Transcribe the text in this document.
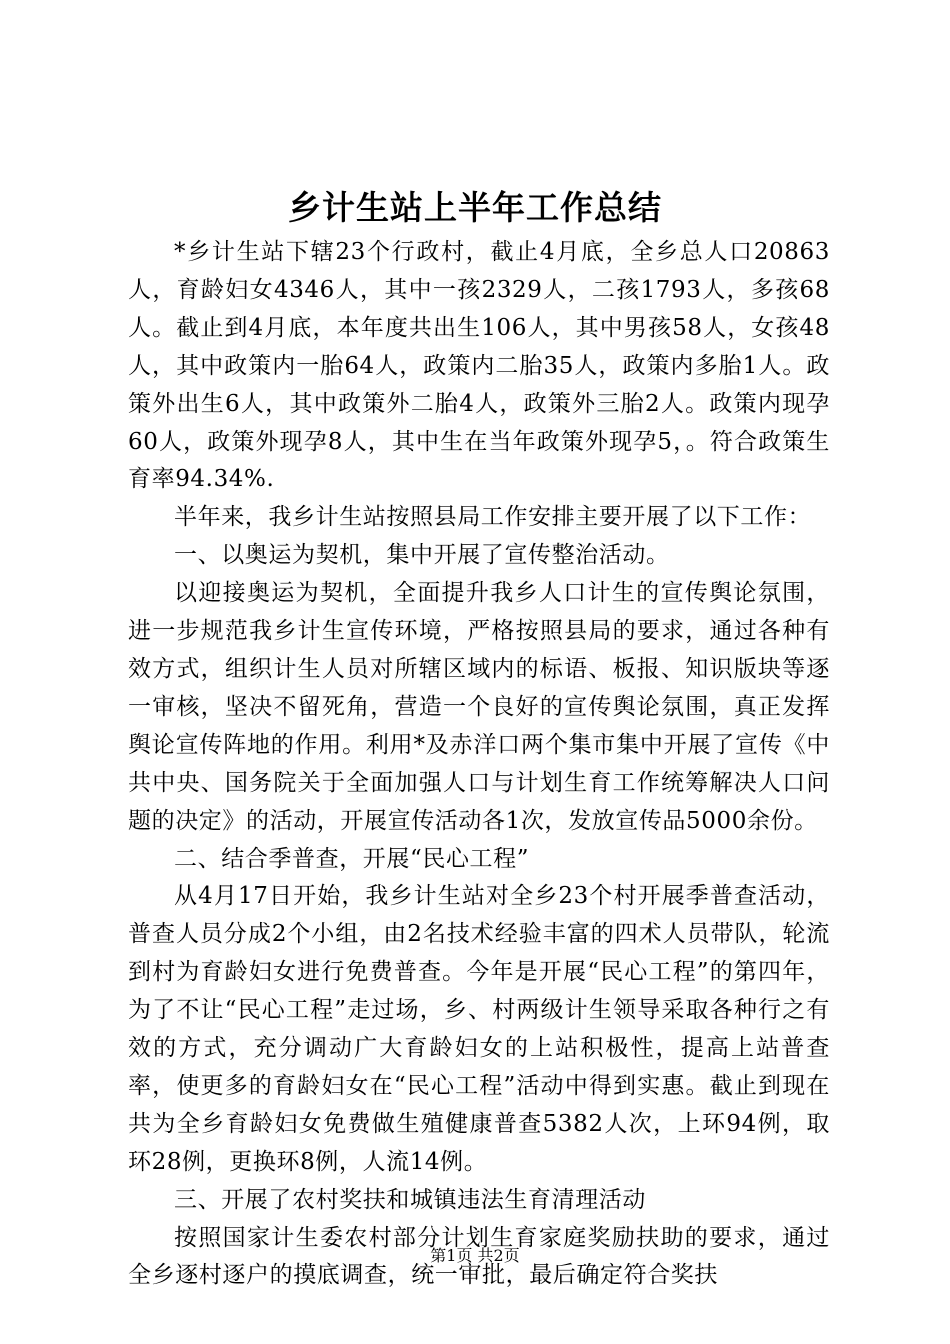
乡计生站上半年工作总结

*乡计生站下辖23个行政村，截止4月底，全乡总人口20863人，育龄妇女4346人，其中一孩2329人，二孩1793人，多孩68人。截止到4月底，本年度共出生106人，其中男孩58人，女孩48人，其中政策内一胎64人，政策内二胎35人，政策内多胎1人。政策外出生6人，其中政策外二胎4人，政策外三胎2人。政策内现孕60人，政策外现孕8人，其中生在当年政策外现孕5，。符合政策生育率94.34%.

半年来，我乡计生站按照县局工作安排主要开展了以下工作：

一、以奥运为契机，集中开展了宣传整治活动。

以迎接奥运为契机，全面提升我乡人口计生的宣传舆论氛围，进一步规范我乡计生宣传环境，严格按照县局的要求，通过各种有效方式，组织计生人员对所辖区域内的标语、板报、知识版块等逐一审核，坚决不留死角，营造一个良好的宣传舆论氛围，真正发挥舆论宣传阵地的作用。利用*及赤洋口两个集市集中开展了宣传《中共中央、国务院关于全面加强人口与计划生育工作统筹解决人口问题的决定》的活动，开展宣传活动各1次，发放宣传品5000余份。

二、结合季普查，开展“民心工程”

从4月17日开始，我乡计生站对全乡23个村开展季普查活动，普查人员分成2个小组，由2名技术经验丰富的四术人员带队，轮流到村为育龄妇女进行免费普查。今年是开展“民心工程”的第四年，为了不让“民心工程”走过场，乡、村两级计生领导采取各种行之有效的方式，充分调动广大育龄妇女的上站积极性，提高上站普查率，使更多的育龄妇女在“民心工程”活动中得到实惠。截止到现在共为全乡育龄妇女免费做生殖健康普查5382人次，上环94例，取环28例，更换环8例，人流14例。

三、开展了农村奖扶和城镇违法生育清理活动

按照国家计生委农村部分计划生育家庭奖励扶助的要求，通过全乡逐村逐户的摸底调查，统一审批，最后确定符合奖扶

第1页 共2页
